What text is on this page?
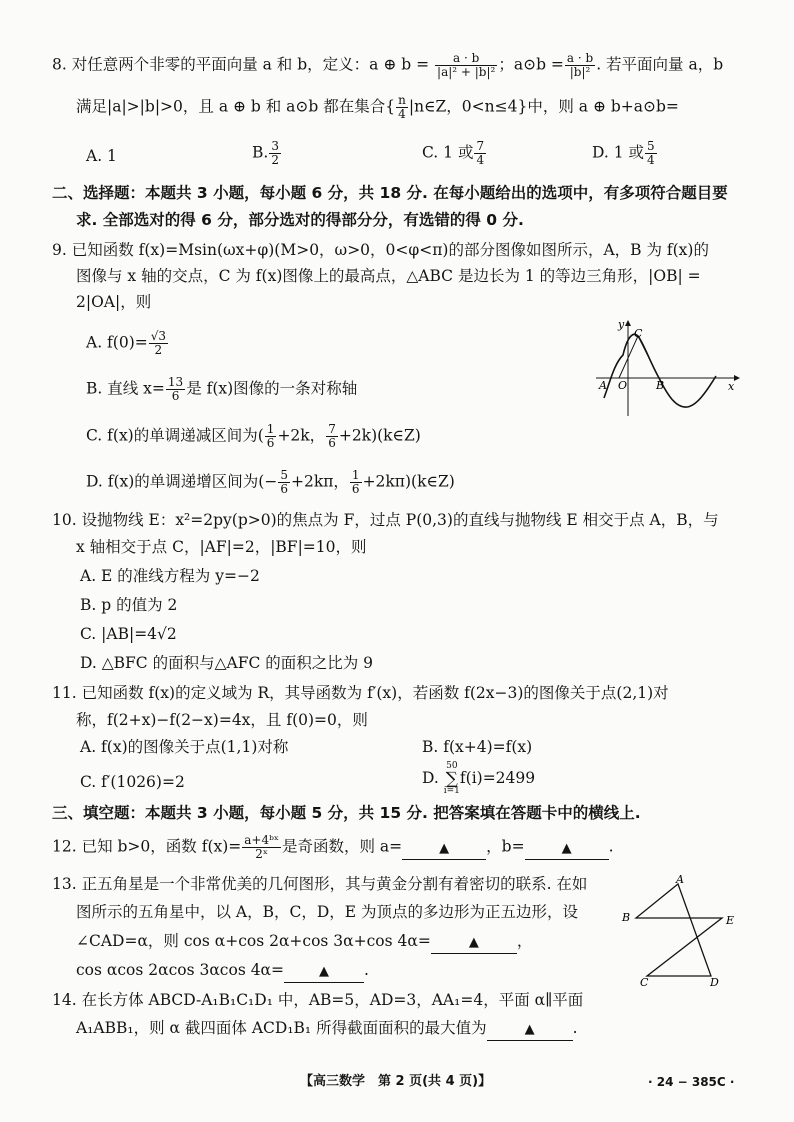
8. 对任意两个非零的平面向量 a 和 b，定义：a ⊕ $b = \frac{a \cdot b}{\text{|a|² + |b|²}}$ ；a⊙b = $\frac{a \cdot b}{\text{|b|²}}$ . 若平面向量 a，b
满足|a|>|b|>0，且 a ⊕ b 和 a⊙b 都在集合{ $\frac{n}{4}$ |n∈Z，0<n≤4}中，则 a ⊕ b+a⊙b=
A. 1	B. $\frac{3}{2}$	C. 1 或 $\frac{7}{4}$	D. 1 或 $\frac{5}{4}$
二、选择题：本题共 3 小题，每小题 6 分，共 18 分. 在每小题给出的选项中，有多项符合题目要
求. 全部选对的得 6 分，部分选对的得部分分，有选错的得 0 分.
9. 已知函数 f(x)=Msin(ωx+φ)(M>0，ω>0，0<φ<π)的部分图像如图所示，A，B 为 f(x)的
图像与 x 轴的交点，C 为 f(x)图像上的最高点，△ABC 是边长为 1 的等边三角形，|OB| =
2|OA|，则
A. $f(0)= \frac{√3}{2}$
B. 直线 $x= \frac{13}{6}$ 是 f(x)图像的一条对称轴
C. f(x)的单调递减区间为( $\frac{1}{6} +2k$， $\frac{7}{6}$ +2k)(k∈Z)
D. f(x)的单调递增区间为(− $\frac{5}{6} +2k\pi$， $\frac{1}{6}$ +2kπ)(k∈Z)
y
C
A O	B	x
10. 设抛物线 E：x²=2py(p>0)的焦点为 F，过点 P(0,3)的直线与抛物线 E 相交于点 A，B，与
x 轴相交于点 C，|AF|=2，|BF|=10，则
A. E 的准线方程为 y=−2
B. p 的值为 2
C. |AB|=4√2
D. △BFC 的面积与△AFC 的面积之比为 9
11. 已知函数 f(x)的定义域为 R，其导函数为 f′(x)，若函数 f(2x−3)的图像关于点(2,1)对
称，f(2+x)−f(2−x)=4x，且 f(0)=0，则
A. f(x)的图像关于点(1,1)对称	B. f(x+4)=f(x)
C. f′(1026)=2	D. 50
∑
i=1f(i)=2499
三、填空题：本题共 3 小题，每小题 5 分，共 15 分. 把答案填在答题卡中的横线上.
12. 已知 b>0，函数 $f(x)= \frac{\text{a+4ᵇˣ}}{\text{2ˣ}}$ 是奇函数，则 a=	▲ ，b=	▲ .
13. 正五角星是一个非常优美的几何图形，其与黄金分割有着密切的联系. 在如
图所示的五角星中，以 A，B，C，D，E 为顶点的多边形为正五边形，设
∠CAD=α，则 cos α+cos 2α+cos 3α+cos 4α=	▲ ，
cos αcos 2αcos 3αcos 4α=	▲ .
A
B	E
C	D
14. 在长方体 ABCD-A₁B₁C₁D₁ 中，AB=5，AD=3，AA₁=4，平面 α∥平面
A₁ABB₁，则 α 截四面体 ACD₁B₁ 所得截面面积的最大值为	▲ .
【高三数学　第 2 页(共 4 页)】	· 24 − 385C ·
